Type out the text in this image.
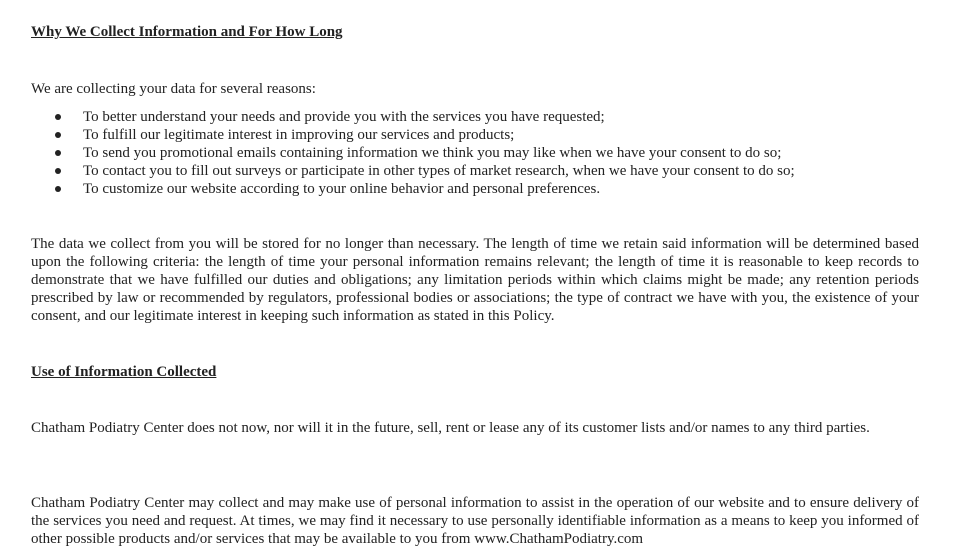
Why We Collect Information and For How Long

We are collecting your data for several reasons:

To better understand your needs and provide you with the services you have requested;
To fulfill our legitimate interest in improving our services and products;
To send you promotional emails containing information we think you may like when we have your consent to do so;
To contact you to fill out surveys or participate in other types of market research, when we have your consent to do so;
To customize our website according to your online behavior and personal preferences.

The data we collect from you will be stored for no longer than necessary. The length of time we retain said information will be determined based upon the following criteria: the length of time your personal information remains relevant; the length of time it is reasonable to keep records to demonstrate that we have fulfilled our duties and obligations; any limitation periods within which claims might be made; any retention periods prescribed by law or recommended by regulators, professional bodies or associations; the type of contract we have with you, the existence of your consent, and our legitimate interest in keeping such information as stated in this Policy.

Use of Information Collected

Chatham Podiatry Center does not now, nor will it in the future, sell, rent or lease any of its customer lists and/or names to any third parties.

Chatham Podiatry Center may collect and may make use of personal information to assist in the operation of our website and to ensure delivery of the services you need and request. At times, we may find it necessary to use personally identifiable information as a means to keep you informed of other possible products and/or services that may be available to you from www.ChathamPodiatry.com
